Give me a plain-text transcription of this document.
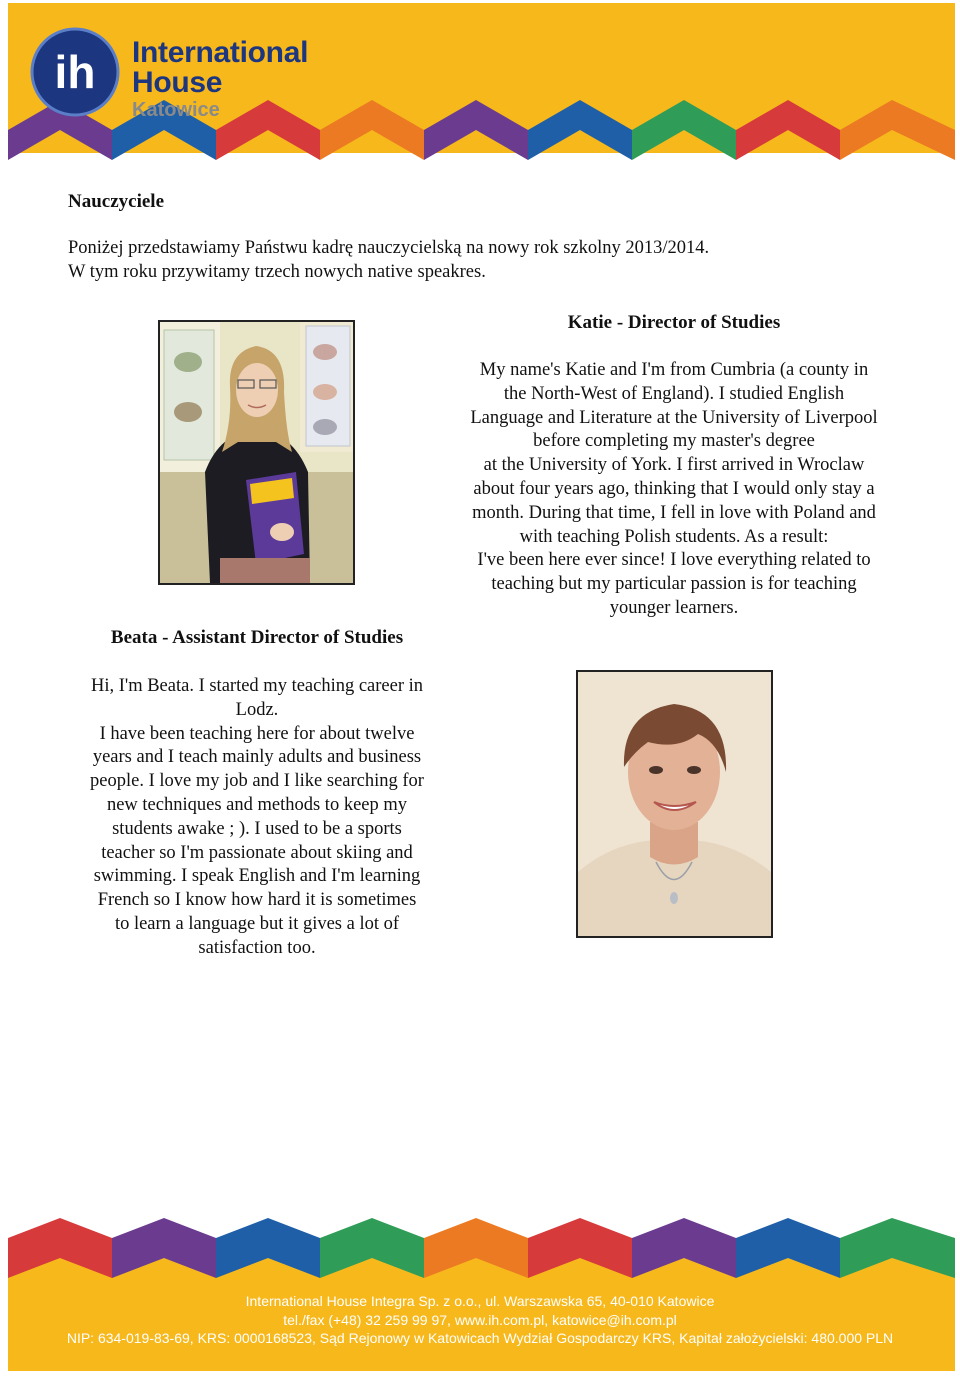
ih International
House
Katowice
Nauczyciele
Poniżej przedstawiamy Państwu kadrę nauczycielską na nowy rok szkolny 2013/2014.
W tym roku przywitamy trzech nowych native speakres.
Katie - Director of Studies
My name's Katie and I'm from Cumbria (a county in
the North-West of England). I studied English
Language and Literature at the University of Liverpool
before completing my master's degree
at the University of York. I first arrived in Wroclaw
about four years ago, thinking that I would only stay a
month. During that time, I fell in love with Poland and
with teaching Polish students. As a result:
I've been here ever since! I love everything related to
teaching but my particular passion is for teaching
younger learners.
Beata - Assistant Director of Studies
Hi, I'm Beata. I started my teaching career in
Lodz.
I have been teaching here for about twelve
years and I teach mainly adults and business
people. I love my job and I like searching for
new techniques and methods to keep my
students awake ; ). I used to be a sports
teacher so I'm passionate about skiing and
swimming. I speak English and I'm learning
French so I know how hard it is sometimes
to learn a language but it gives a lot of
satisfaction too.
International House Integra Sp. z o.o., ul. Warszawska 65, 40-010 Katowice
tel./fax (+48) 32 259 99 97, www.ih.com.pl, katowice@ih.com.pl
NIP: 634-019-83-69, KRS: 0000168523, Sąd Rejonowy w Katowicach Wydział Gospodarczy KRS, Kapitał założycielski: 480.000 PLN
